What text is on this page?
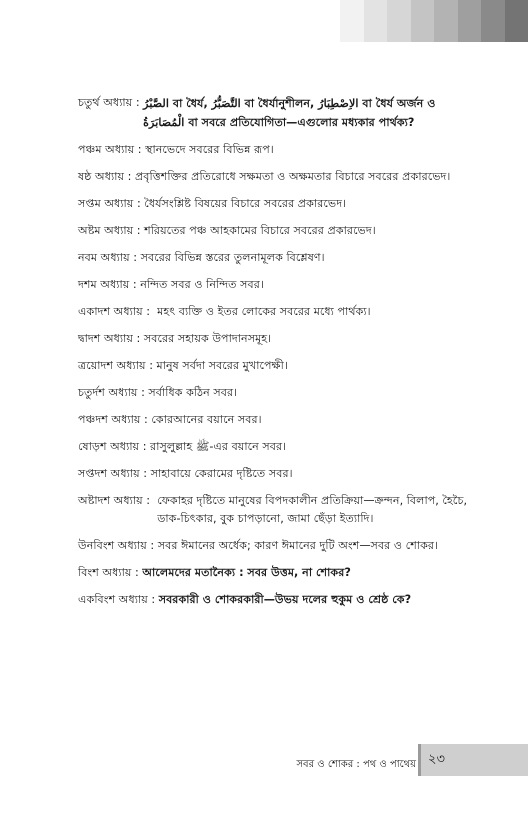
চতুর্থ অধ্যায় : الصَّبْرُ বা ধৈর্য, التَّصَبُّرُ বা ধৈর্যানুশীলন, الاِصْطِبَارُ বা ধৈর্য অর্জন ও الْمُصَابَرَةُ বা সবরে প্রতিযোগিতা—এগুলোর মধ্যকার পার্থক্য?
পঞ্চম অধ্যায় : স্থানভেদে সবরের বিভিন্ন রূপ।
ষষ্ঠ অধ্যায় : প্রবৃত্তিশক্তির প্রতিরোধে সক্ষমতা ও অক্ষমতার বিচারে সবরের প্রকারভেদ।
সপ্তম অধ্যায় : ধৈর্যসংশ্লিষ্ট বিষয়ের বিচারে সবরের প্রকারভেদ।
অষ্টম অধ্যায় : শরিয়তের পঞ্চ আহকামের বিচারে সবরের প্রকারভেদ।
নবম অধ্যায় : সবরের বিভিন্ন স্তরের তুলনামূলক বিশ্লেষণ।
দশম অধ্যায় : নন্দিত সবর ও নিন্দিত সবর।
একাদশ অধ্যায় : মহৎ ব্যক্তি ও ইতর লোকের সবরের মধ্যে পার্থক্য।
দ্বাদশ অধ্যায় : সবরের সহায়ক উপাদানসমূহ।
ত্রয়োদশ অধ্যায় : মানুষ সর্বদা সবরের মুখাপেক্ষী।
চতুর্দশ অধ্যায় : সর্বাধিক কঠিন সবর।
পঞ্চদশ অধ্যায় : কোরআনের বয়ানে সবর।
ষোড়শ অধ্যায় : রাসুলুল্লাহ ﷺ-এর বয়ানে সবর।
সপ্তদশ অধ্যায় : সাহাবায়ে কেরামের দৃষ্টিতে সবর।
অষ্টাদশ অধ্যায় : ফেকাহর দৃষ্টিতে মানুষের বিপদকালীন প্রতিক্রিয়া—ক্রন্দন, বিলাপ, হৈচৈ, ডাক-চিৎকার, বুক চাপড়ানো, জামা ছেঁড়া ইত্যাদি।
উনবিংশ অধ্যায় : সবর ঈমানের অর্ধেক; কারণ ঈমানের দুটি অংশ—সবর ও শোকর।
বিংশ অধ্যায় : আলেমদের মতানৈক্য : সবর উত্তম, না শোকর?
একবিংশ অধ্যায় : সবরকারী ও শোকরকারী—উভয় দলের হুকুম ও শ্রেষ্ঠ কে?
সবর ও শোকর : পথ ও পাথেয় ২৩
